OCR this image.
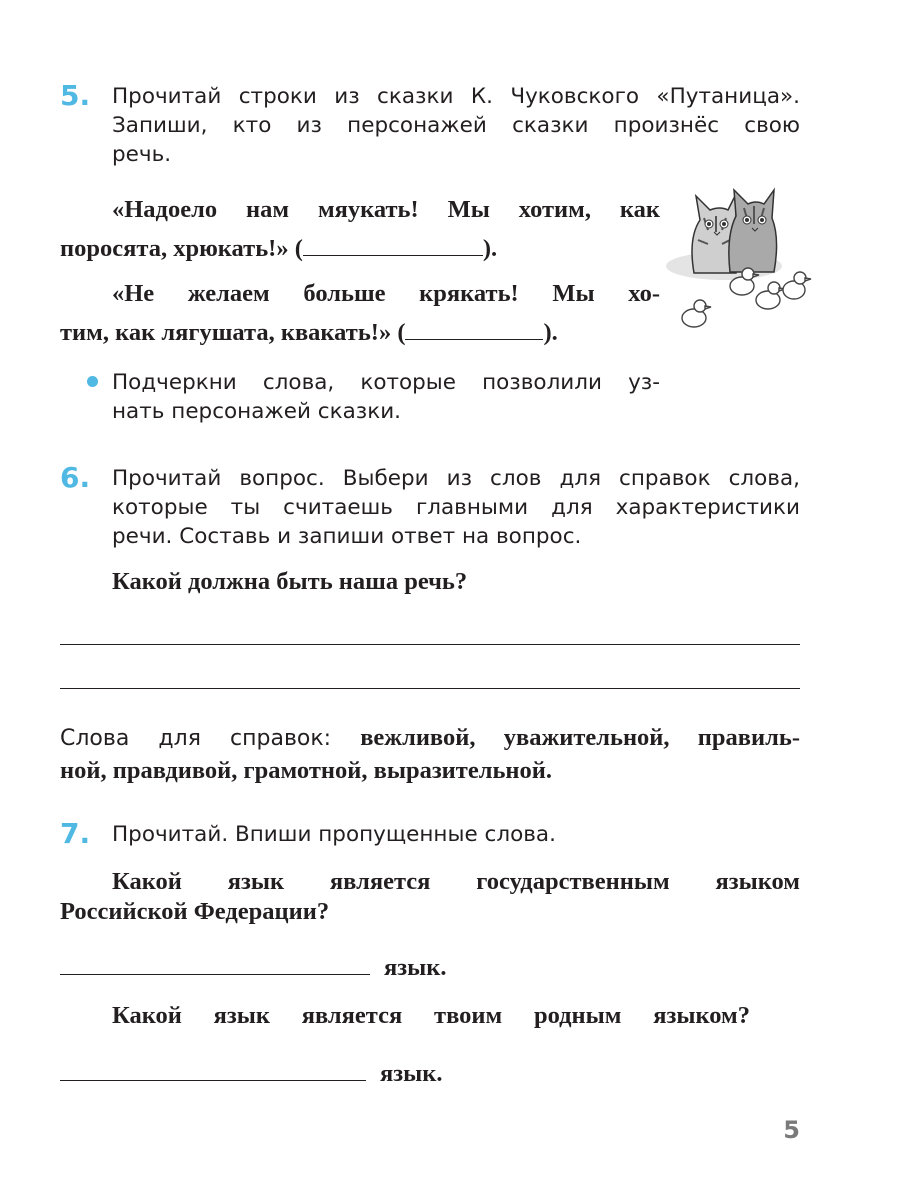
5. Прочитай строки из сказки К. Чуковского «Путаница».
Запиши, кто из персонажей сказки произнёс свою
речь.
«Надоело нам мяукать! Мы хотим, как
поросята, хрюкать!» (	).
«Не желаем больше крякать! Мы хо-
тим, как лягушата, квакать!» (	).
Подчеркни слова, которые позволили уз-
нать персонажей сказки.
6. Прочитай вопрос. Выбери из слов для справок слова,
которые ты считаешь главными для характеристики
речи. Составь и запиши ответ на вопрос.
Какой должна быть наша речь?
Слова для справок: вежливой, уважительной, правиль-
ной, правдивой, грамотной, выразительной.
7. Прочитай. Впиши пропущенные слова.
Какой язык является государственным языком
Российской Федерации?
язык.
Какой язык является твоим родным языком?
язык.
5
